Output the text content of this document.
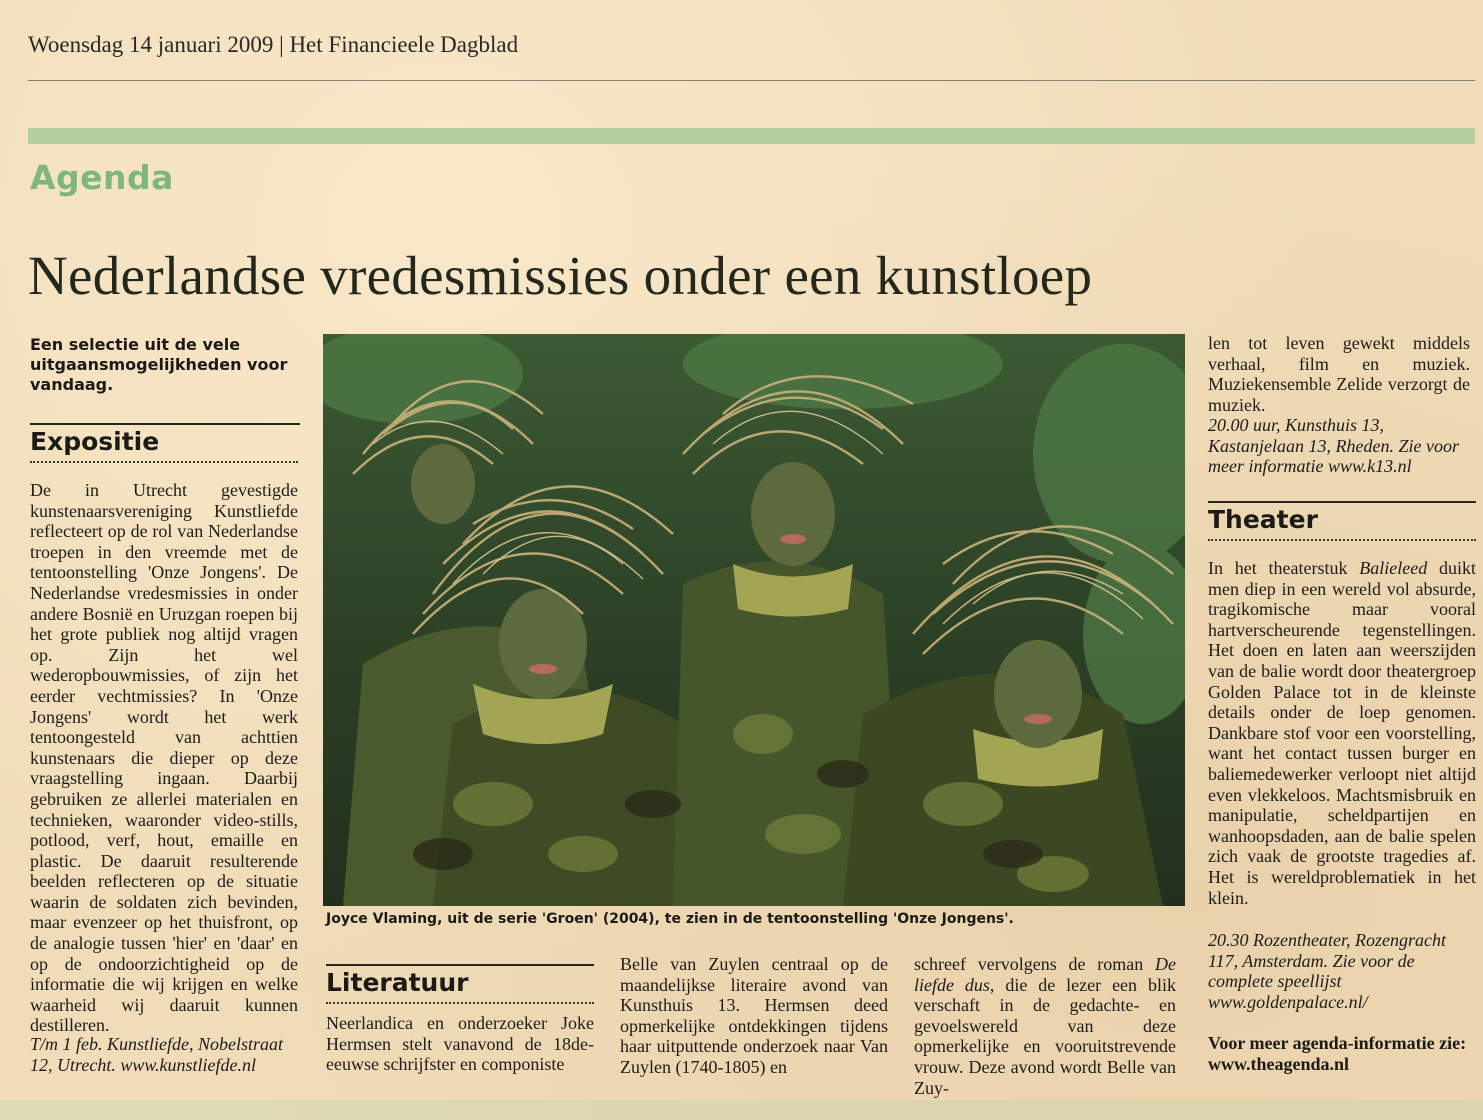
Woensdag 14 januari 2009 | Het Financieele Dagblad
Agenda
Nederlandse vredesmissies onder een kunstloep
Een selectie uit de vele uitgaansmogelijkheden voor vandaag.
Expositie
De in Utrecht gevestigde kunstenaarsvereniging Kunstliefde reflecteert op de rol van Nederlandse troepen in den vreemde met de tentoonstelling 'Onze Jongens'. De Nederlandse vredesmissies in onder andere Bosnië en Uruzgan roepen bij het grote publiek nog altijd vragen op. Zijn het wel wederopbouwmissies, of zijn het eerder vechtmissies? In 'Onze Jongens' wordt het werk tentoongesteld van achttien kunstenaars die dieper op deze vraagstelling ingaan. Daarbij gebruiken ze allerlei materialen en technieken, waaronder video-stills, potlood, verf, hout, emaille en plastic. De daaruit resulterende beelden reflecteren op de situatie waarin de soldaten zich bevinden, maar evenzeer op het thuisfront, op de analogie tussen 'hier' en 'daar' en op de ondoorzichtigheid op de informatie die wij krijgen en welke waarheid wij daaruit kunnen destilleren.
T/m 1 feb. Kunstliefde, Nobelstraat 12, Utrecht. www.kunstliefde.nl
Joyce Vlaming, uit de serie 'Groen' (2004), te zien in de tentoonstelling 'Onze Jongens'.
Literatuur
Neerlandica en onderzoeker Joke Hermsen stelt vanavond de 18de-eeuwse schrijfster en componiste
Belle van Zuylen centraal op de maandelijkse literaire avond van Kunsthuis 13. Hermsen deed opmerkelijke ontdekkingen tijdens haar uitputtende onderzoek naar Van Zuylen (1740-1805) en
schreef vervolgens de roman De liefde dus, die de lezer een blik verschaft in de gedachte- en gevoelswereld van deze opmerkelijke en vooruitstrevende vrouw. Deze avond wordt Belle van Zuy-
len tot leven gewekt middels verhaal, film en muziek. Muziekensemble Zelide verzorgt de muziek.
20.00 uur, Kunsthuis 13, Kastanjelaan 13, Rheden. Zie voor meer informatie www.k13.nl
Theater
In het theaterstuk Balieleed duikt men diep in een wereld vol absurde, tragikomische maar vooral hartverscheurende tegenstellingen. Het doen en laten aan weerszijden van de balie wordt door theatergroep Golden Palace tot in de kleinste details onder de loep genomen. Dankbare stof voor een voorstelling, want het contact tussen burger en baliemedewerker verloopt niet altijd even vlekkeloos. Machtsmisbruik en manipulatie, scheldpartijen en wanhoopsdaden, aan de balie spelen zich vaak de grootste tragedies af. Het is wereldproblematiek in het klein.
20.30 Rozentheater, Rozengracht 117, Amsterdam. Zie voor de complete speellijst www.goldenpalace.nl/
Voor meer agenda-informatie zie: www.theagenda.nl
